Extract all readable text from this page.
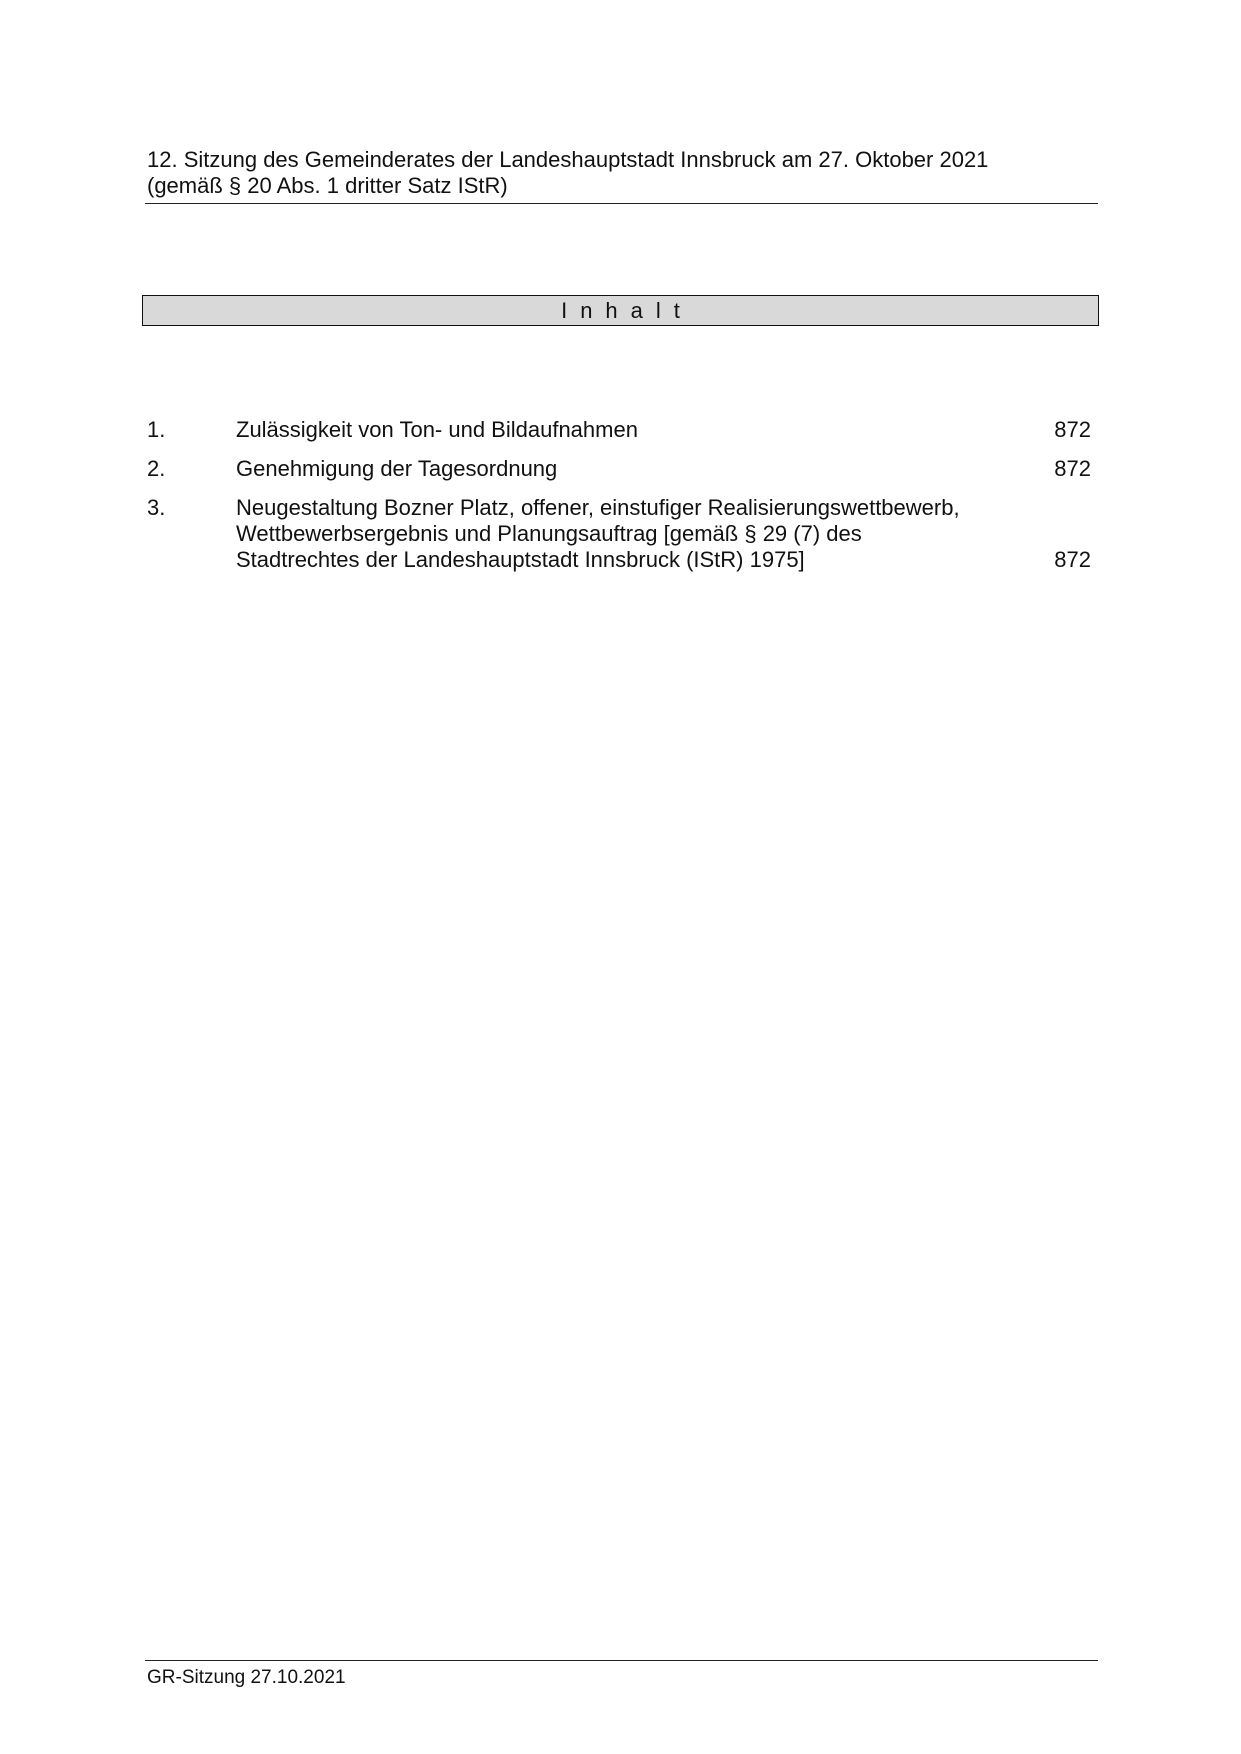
12. Sitzung des Gemeinderates der Landeshauptstadt Innsbruck am 27. Oktober 2021
(gemäß § 20 Abs. 1 dritter Satz IStR)
Inhalt
1.	Zulässigkeit von Ton- und Bildaufnahmen	872
2.	Genehmigung der Tagesordnung	872
3.	Neugestaltung Bozner Platz, offener, einstufiger Realisierungswettbewerb,
Wettbewerbsergebnis und Planungsauftrag [gemäß § 29 (7) des
Stadtrechtes der Landeshauptstadt Innsbruck (IStR) 1975]	872
GR-Sitzung 27.10.2021
